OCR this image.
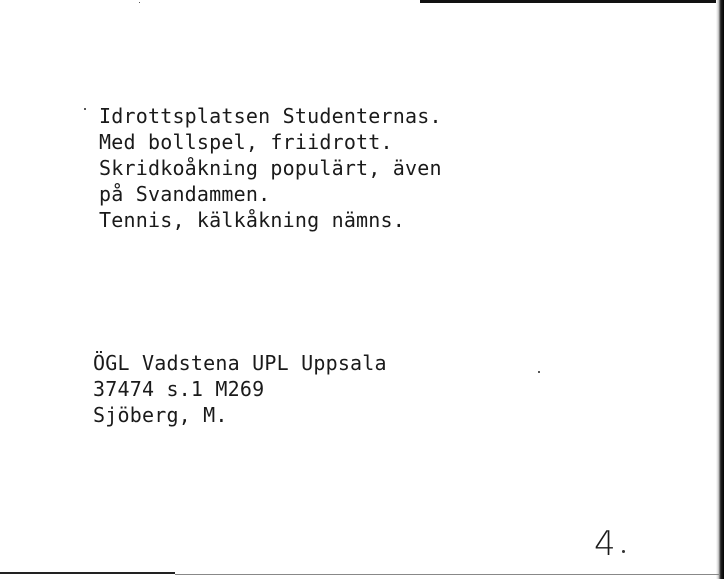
Idrottsplatsen Studenternas.
Med bollspel, friidrott.
Skridkoåkning populärt, även
på Svandammen.
Tennis, kälkåkning nämns.
ÖGL Vadstena UPL Uppsala
37474 s.1 M269
Sjöberg, M.
4
